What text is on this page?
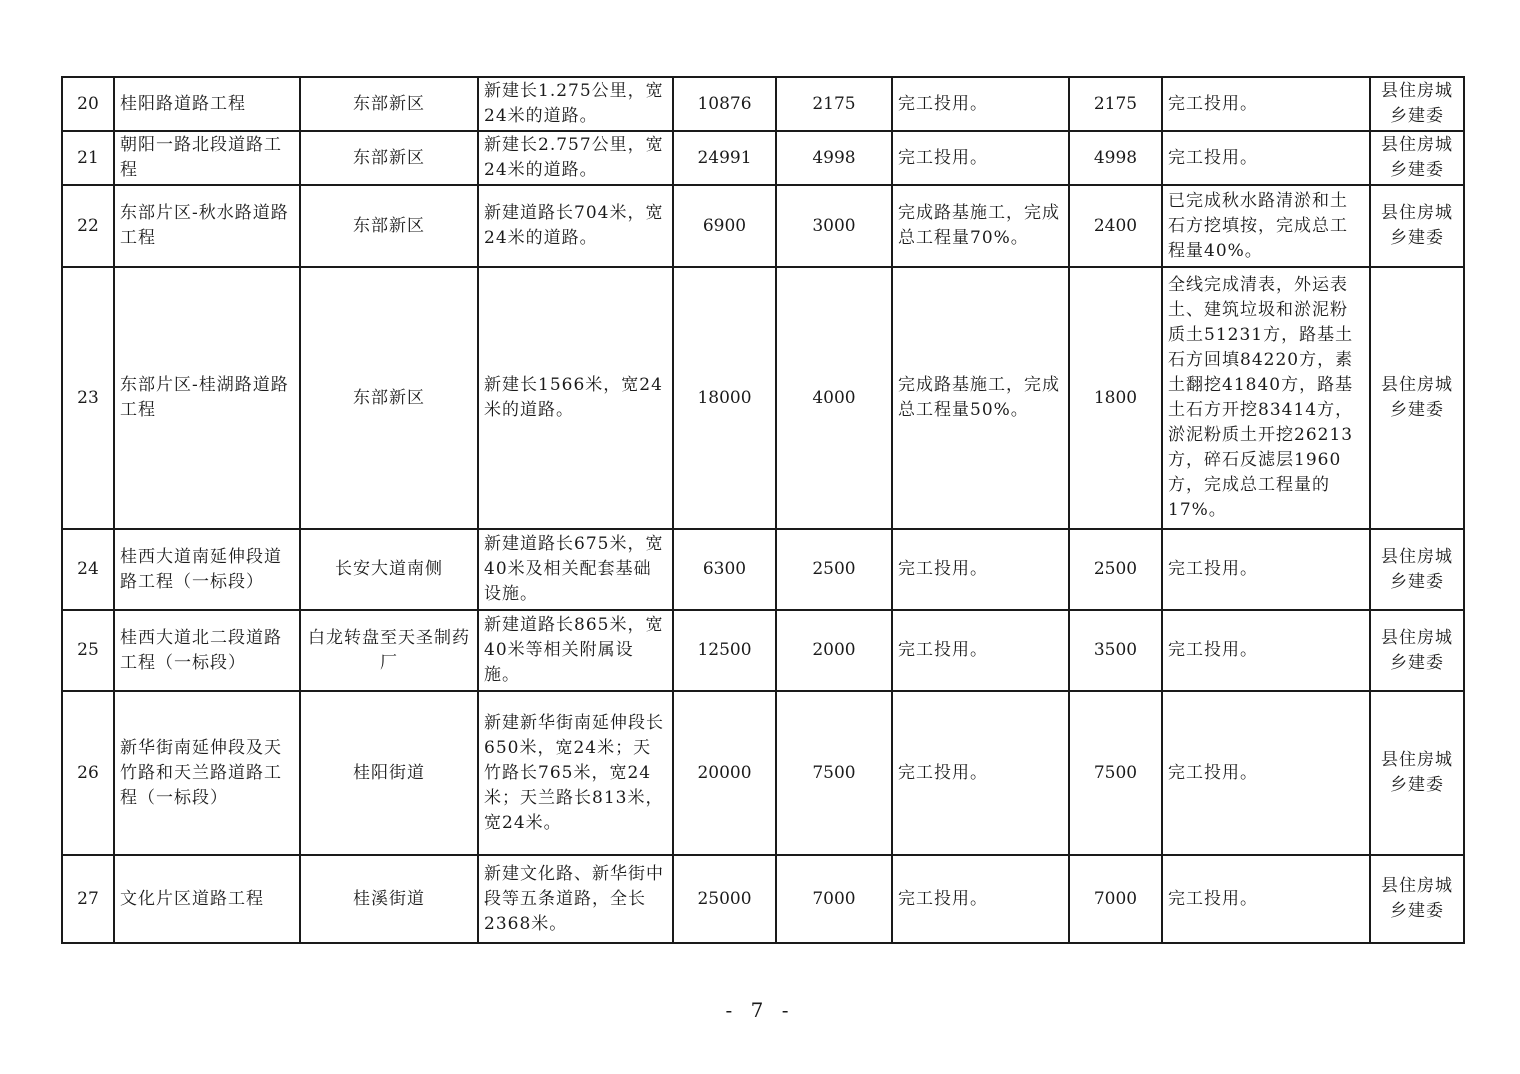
20	桂阳路道路工程	东部新区	新建长1.275公里，宽24米的道路。	10876	2175	完工投用。	2175	完工投用。	县住房城乡建委
21	朝阳一路北段道路工程	东部新区	新建长2.757公里，宽24米的道路。	24991	4998	完工投用。	4998	完工投用。	县住房城乡建委
22	东部片区-秋水路道路工程	东部新区	新建道路长704米，宽24米的道路。	6900	3000	完成路基施工，完成总工程量70%。	2400	已完成秋水路清淤和土石方挖填按，完成总工程量40%。	县住房城乡建委
23	东部片区-桂湖路道路工程	东部新区	新建长1566米，宽24米的道路。	18000	4000	完成路基施工，完成总工程量50%。	1800	全线完成清表，外运表土、建筑垃圾和淤泥粉质土51231方，路基土石方回填84220方，素土翻挖41840方，路基土石方开挖83414方，淤泥粉质土开挖26213方，碎石反滤层1960方，完成总工程量的17%。	县住房城乡建委
24	桂西大道南延伸段道路工程（一标段）	长安大道南侧	新建道路长675米，宽40米及相关配套基础设施。	6300	2500	完工投用。	2500	完工投用。	县住房城乡建委
25	桂西大道北二段道路工程（一标段）	白龙转盘至天圣制药厂	新建道路长865米，宽40米等相关附属设施。	12500	2000	完工投用。	3500	完工投用。	县住房城乡建委
26	新华街南延伸段及天竹路和天兰路道路工程（一标段）	桂阳街道	新建新华街南延伸段长650米，宽24米；天竹路长765米，宽24米；天兰路长813米，宽24米。	20000	7500	完工投用。	7500	完工投用。	县住房城乡建委
27	文化片区道路工程	桂溪街道	新建文化路、新华街中段等五条道路，全长2368米。	25000	7000	完工投用。	7000	完工投用。	县住房城乡建委
- 7 -
